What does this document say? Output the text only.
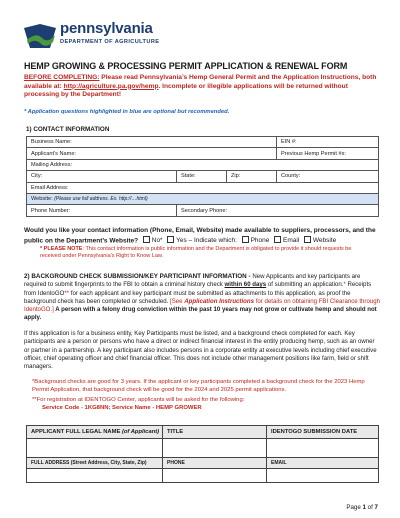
pennsylvania
DEPARTMENT OF AGRICULTURE
HEMP GROWING & PROCESSING PERMIT APPLICATION & RENEWAL FORM
BEFORE COMPLETING: Please read Pennsylvania’s Hemp General Permit and the Application Instructions, both available at: http://agriculture.pa.gov/hemp. Incomplete or illegible applications will be returned without processing by the Department!
* Application questions highlighted in blue are optional but recommended.
1) CONTACT INFORMATION
Business Name:			EIN #:
Applicant’s Name:			Previous Hemp Permit #s:
Mailing Address:			
City:	State:	Zip:	County:
Email Address:			
Website: (Please use full address. Ex. http://…html)			
Phone Number:	Secondary Phone:		
Would you like your contact information (Phone, Email, Website) made available to suppliers, processors, and the public on the Department’s Website? No* Yes – Indicate which: Phone Email Website
* PLEASE NOTE: This contact information is public information and the Department is obligated to provide it should requests be received under Pennsylvania’s Right to Know Law.
2) BACKGROUND CHECK SUBMISSION/KEY PARTICIPANT INFORMATION - New Applicants and key participants are required to submit fingerprints to the FBI to obtain a criminal history check within 60 days of submitting an application.* Receipts from IdentoGO** for each applicant and key participant must be submitted as attachments to this application, as proof the background check has been completed or scheduled. [See Application Instructions for details on obtaining FBI Clearance through IdentoGO.] A person with a felony drug conviction within the past 10 years may not grow or cultivate hemp and should not apply.
If this application is for a business entity, Key Participants must be listed, and a background check completed for each. Key participants are a person or persons who have a direct or indirect financial interest in the entity producing hemp, such as an owner or partner in a partnership. A key participant also includes persons in a corporate entity at executive levels including chief executive officer, chief operating officer and chief financial officer. This does not include other management positions like farm, field or shift managers.
*Background checks are good for 3 years. If the applicant or key participants completed a background check for the 2023 Hemp Permit Application, that background check will be good for the 2024 and 2025 permit applications.
**For registration at IDENTOGO Center, applicants will be asked for the following:
Service Code - 1KG8NN; Service Name - HEMP GROWER
APPLICANT FULL LEGAL NAME (of Applicant)	TITLE	IDENTOGO SUBMISSION DATE

FULL ADDRESS (Street Address, City, State, Zip)	PHONE	EMAIL

Page 1 of 7
